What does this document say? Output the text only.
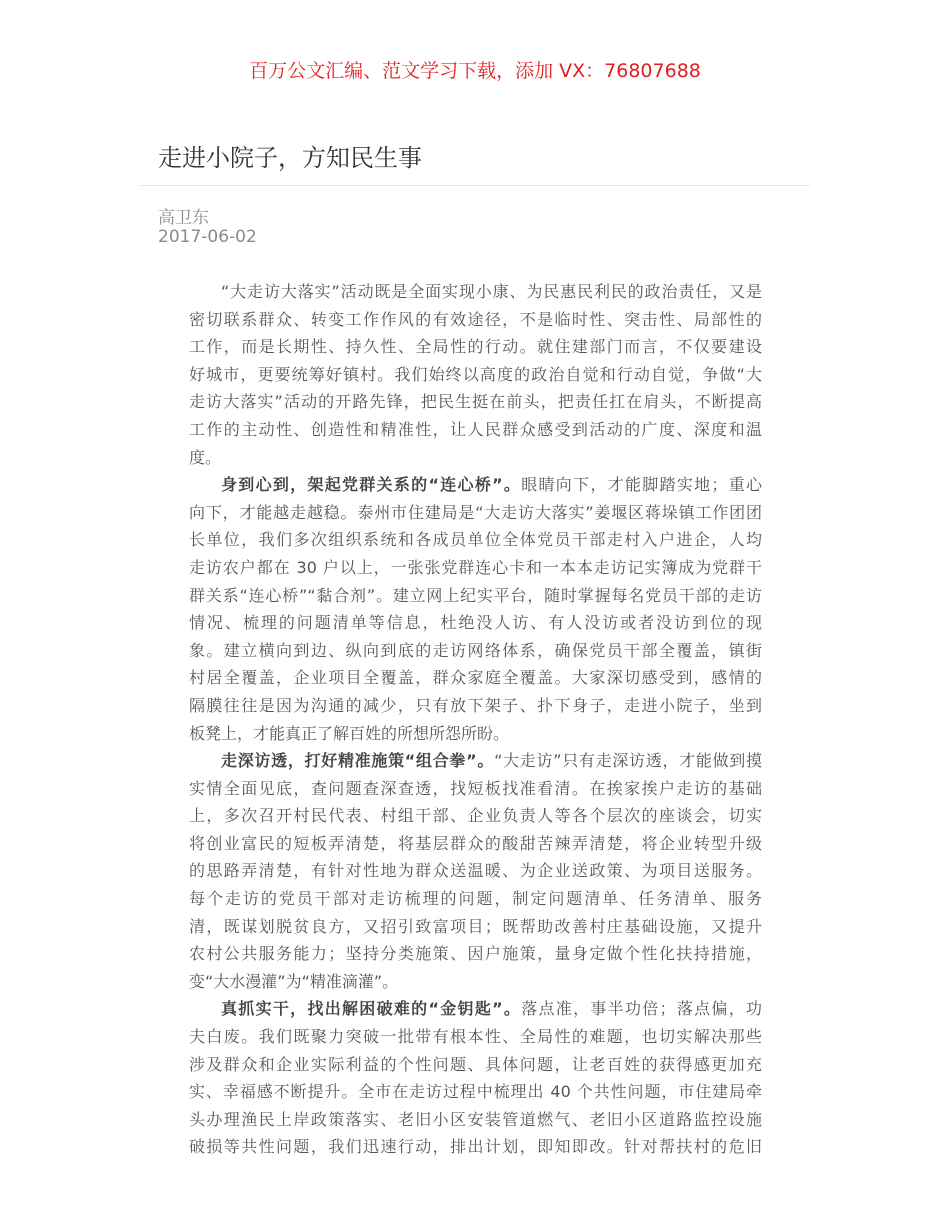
百万公文汇编、范文学习下载，添加 VX：76807688
走进小院子，方知民生事
高卫东
2017-06-02
“大走访大落实”活动既是全面实现小康、为民惠民利民的政治责任，又是
密切联系群众、转变工作作风的有效途径，不是临时性、突击性、局部性的
工作，而是长期性、持久性、全局性的行动。就住建部门而言，不仅要建设
好城市，更要统筹好镇村。我们始终以高度的政治自觉和行动自觉，争做“大
走访大落实”活动的开路先锋，把民生挺在前头，把责任扛在肩头，不断提高
工作的主动性、创造性和精准性，让人民群众感受到活动的广度、深度和温
度。
身到心到，架起党群关系的“连心桥”。眼睛向下，才能脚踏实地；重心
向下，才能越走越稳。泰州市住建局是“大走访大落实”姜堰区蒋垛镇工作团团
长单位，我们多次组织系统和各成员单位全体党员干部走村入户进企，人均
走访农户都在 30 户以上，一张张党群连心卡和一本本走访记实簿成为党群干
群关系“连心桥”“黏合剂”。建立网上纪实平台，随时掌握每名党员干部的走访
情况、梳理的问题清单等信息，杜绝没人访、有人没访或者没访到位的现
象。建立横向到边、纵向到底的走访网络体系，确保党员干部全覆盖，镇街
村居全覆盖，企业项目全覆盖，群众家庭全覆盖。大家深切感受到，感情的
隔膜往往是因为沟通的减少，只有放下架子、扑下身子，走进小院子，坐到
板凳上，才能真正了解百姓的所想所怨所盼。
走深访透，打好精准施策“组合拳”。“大走访”只有走深访透，才能做到摸
实情全面见底，查问题查深查透，找短板找准看清。在挨家挨户走访的基础
上，多次召开村民代表、村组干部、企业负责人等各个层次的座谈会，切实
将创业富民的短板弄清楚，将基层群众的酸甜苦辣弄清楚，将企业转型升级
的思路弄清楚，有针对性地为群众送温暖、为企业送政策、为项目送服务。
每个走访的党员干部对走访梳理的问题，制定问题清单、任务清单、服务
清，既谋划脱贫良方，又招引致富项目；既帮助改善村庄基础设施，又提升
农村公共服务能力；坚持分类施策、因户施策，量身定做个性化扶持措施，
变“大水漫灌”为“精准滴灌”。
真抓实干，找出解困破难的“金钥匙”。落点准，事半功倍；落点偏，功
夫白废。我们既聚力突破一批带有根本性、全局性的难题，也切实解决那些
涉及群众和企业实际利益的个性问题、具体问题，让老百姓的获得感更加充
实、幸福感不断提升。全市在走访过程中梳理出 40 个共性问题，市住建局牵
头办理渔民上岸政策落实、老旧小区安装管道燃气、老旧小区道路监控设施
破损等共性问题，我们迅速行动，排出计划，即知即改。针对帮扶村的危旧
